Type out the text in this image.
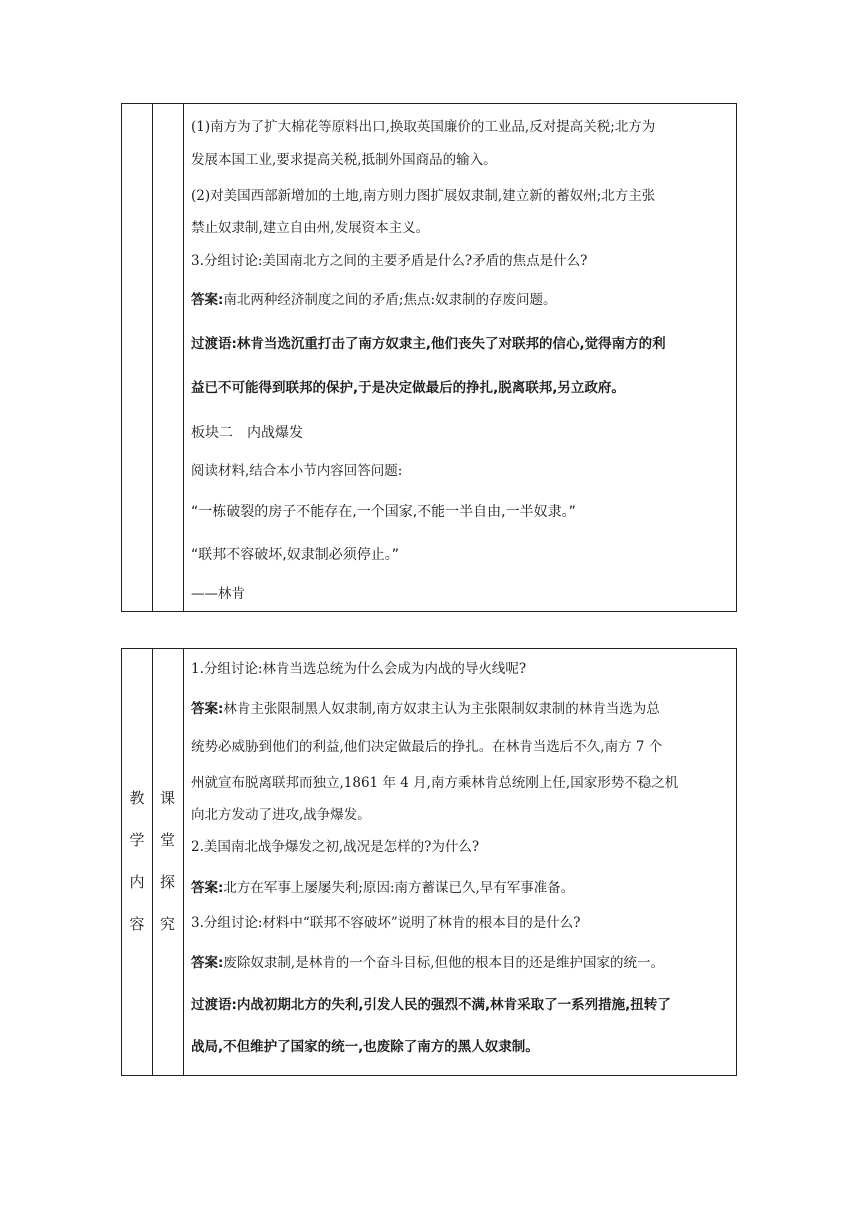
(1)南方为了扩大棉花等原料出口,换取英国廉价的工业品,反对提高关税;北方为
发展本国工业,要求提高关税,抵制外国商品的输入。
(2)对美国西部新增加的土地,南方则力图扩展奴隶制,建立新的蓄奴州;北方主张
禁止奴隶制,建立自由州,发展资本主义。
3.分组讨论:美国南北方之间的主要矛盾是什么?矛盾的焦点是什么?
答案:南北两种经济制度之间的矛盾;焦点:奴隶制的存废问题。
过渡语:林肯当选沉重打击了南方奴隶主,他们丧失了对联邦的信心,觉得南方的利
益已不可能得到联邦的保护,于是决定做最后的挣扎,脱离联邦,另立政府。
板块二　内战爆发
阅读材料,结合本小节内容回答问题:
“一栋破裂的房子不能存在,一个国家,不能一半自由,一半奴隶。”
“联邦不容破坏,奴隶制必须停止。”
——林肯
教
学
内
容
课
堂
探
究
1.分组讨论:林肯当选总统为什么会成为内战的导火线呢?
答案:林肯主张限制黑人奴隶制,南方奴隶主认为主张限制奴隶制的林肯当选为总
统势必威胁到他们的利益,他们决定做最后的挣扎。在林肯当选后不久,南方 7 个
州就宣布脱离联邦而独立,1861 年 4 月,南方乘林肯总统刚上任,国家形势不稳之机
向北方发动了进攻,战争爆发。
2.美国南北战争爆发之初,战况是怎样的?为什么?
答案:北方在军事上屡屡失利;原因:南方蓄谋已久,早有军事准备。
3.分组讨论:材料中“联邦不容破坏”说明了林肯的根本目的是什么?
答案:废除奴隶制,是林肯的一个奋斗目标,但他的根本目的还是维护国家的统一。
过渡语:内战初期北方的失利,引发人民的强烈不满,林肯采取了一系列措施,扭转了
战局,不但维护了国家的统一,也废除了南方的黑人奴隶制。
